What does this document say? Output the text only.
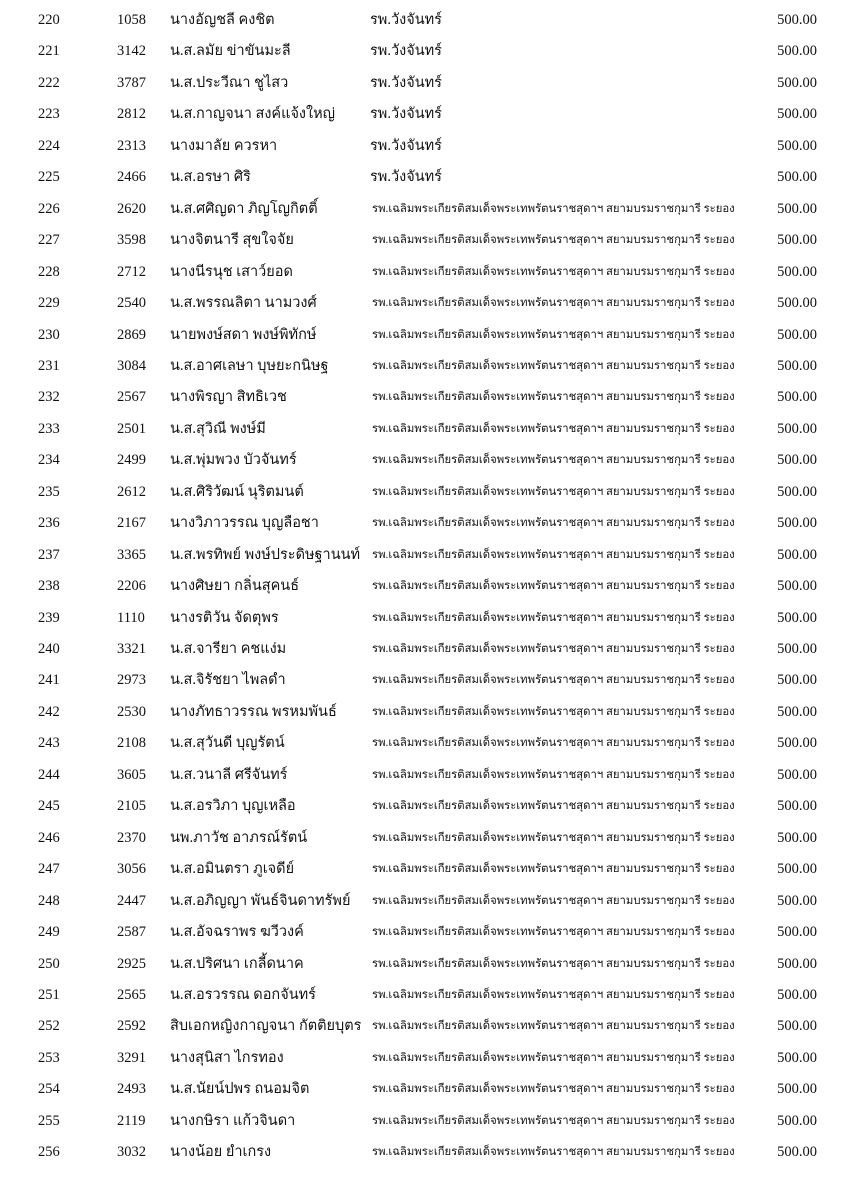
220	1058 นางอัญชลี คงชิต	รพ.วังจันทร์	500.00
221	3142 น.ส.ลมัย ข่าขันมะลี	รพ.วังจันทร์	500.00
222	3787 น.ส.ประวีณา ชูไสว	รพ.วังจันทร์	500.00
223	2812 น.ส.กาญจนา สงค์แจ้งใหญ่ รพ.วังจันทร์	500.00
224	2313 นางมาลัย ควรหา	รพ.วังจันทร์	500.00
225	2466 น.ส.อรษา ศิริ	รพ.วังจันทร์	500.00
226	2620 น.ส.ศศิญดา ภิญโญกิตติ์	รพ.เฉลิมพระเกียรติสมเด็จพระเทพรัตนราชสุดาฯ สยามบรมราชกุมารี ระยอง	500.00
227	3598 นางจิตนารี สุขใจจัย	รพ.เฉลิมพระเกียรติสมเด็จพระเทพรัตนราชสุดาฯ สยามบรมราชกุมารี ระยอง	500.00
228	2712 นางนีรนุช เสาว์ยอด	รพ.เฉลิมพระเกียรติสมเด็จพระเทพรัตนราชสุดาฯ สยามบรมราชกุมารี ระยอง	500.00
229	2540 น.ส.พรรณลิตา นามวงศ์	รพ.เฉลิมพระเกียรติสมเด็จพระเทพรัตนราชสุดาฯ สยามบรมราชกุมารี ระยอง	500.00
230	2869 นายพงษ์สดา พงษ์พิทักษ์	รพ.เฉลิมพระเกียรติสมเด็จพระเทพรัตนราชสุดาฯ สยามบรมราชกุมารี ระยอง	500.00
231	3084 น.ส.อาศเลษา บุษยะกนิษฐ	รพ.เฉลิมพระเกียรติสมเด็จพระเทพรัตนราชสุดาฯ สยามบรมราชกุมารี ระยอง	500.00
232	2567 นางพิรญา สิทธิเวช	รพ.เฉลิมพระเกียรติสมเด็จพระเทพรัตนราชสุดาฯ สยามบรมราชกุมารี ระยอง	500.00
233	2501 น.ส.สุวิณี พงษ์มี	รพ.เฉลิมพระเกียรติสมเด็จพระเทพรัตนราชสุดาฯ สยามบรมราชกุมารี ระยอง	500.00
234	2499 น.ส.พุ่มพวง บัวจันทร์	รพ.เฉลิมพระเกียรติสมเด็จพระเทพรัตนราชสุดาฯ สยามบรมราชกุมารี ระยอง	500.00
235	2612 น.ส.ศิริวัฒน์ นุริตมนต์	รพ.เฉลิมพระเกียรติสมเด็จพระเทพรัตนราชสุดาฯ สยามบรมราชกุมารี ระยอง	500.00
236	2167 นางวิภาวรรณ บุญลือชา	รพ.เฉลิมพระเกียรติสมเด็จพระเทพรัตนราชสุดาฯ สยามบรมราชกุมารี ระยอง	500.00
237	3365 น.ส.พรทิพย์ พงษ์ประดิษฐานนท์ รพ.เฉลิมพระเกียรติสมเด็จพระเทพรัตนราชสุดาฯ สยามบรมราชกุมารี ระยอง	500.00
238	2206 นางศิษยา กลิ่นสุคนธ์	รพ.เฉลิมพระเกียรติสมเด็จพระเทพรัตนราชสุดาฯ สยามบรมราชกุมารี ระยอง	500.00
239	1110 นางรติวัน จัดตุพร	รพ.เฉลิมพระเกียรติสมเด็จพระเทพรัตนราชสุดาฯ สยามบรมราชกุมารี ระยอง	500.00
240	3321 น.ส.จารียา คชแง่ม	รพ.เฉลิมพระเกียรติสมเด็จพระเทพรัตนราชสุดาฯ สยามบรมราชกุมารี ระยอง	500.00
241	2973 น.ส.จิรัชยา ไพลดำ	รพ.เฉลิมพระเกียรติสมเด็จพระเทพรัตนราชสุดาฯ สยามบรมราชกุมารี ระยอง	500.00
242	2530 นางภัทธาวรรณ พรหมพันธ์	รพ.เฉลิมพระเกียรติสมเด็จพระเทพรัตนราชสุดาฯ สยามบรมราชกุมารี ระยอง	500.00
243	2108 น.ส.สุวันดี บุญรัตน์	รพ.เฉลิมพระเกียรติสมเด็จพระเทพรัตนราชสุดาฯ สยามบรมราชกุมารี ระยอง	500.00
244	3605 น.ส.วนาลี ศรีจันทร์	รพ.เฉลิมพระเกียรติสมเด็จพระเทพรัตนราชสุดาฯ สยามบรมราชกุมารี ระยอง	500.00
245	2105 น.ส.อรวิภา บุญเหลือ	รพ.เฉลิมพระเกียรติสมเด็จพระเทพรัตนราชสุดาฯ สยามบรมราชกุมารี ระยอง	500.00
246	2370 นพ.ภาวัช อาภรณ์รัตน์	รพ.เฉลิมพระเกียรติสมเด็จพระเทพรัตนราชสุดาฯ สยามบรมราชกุมารี ระยอง	500.00
247	3056 น.ส.อมินตรา ภูเจดีย์	รพ.เฉลิมพระเกียรติสมเด็จพระเทพรัตนราชสุดาฯ สยามบรมราชกุมารี ระยอง	500.00
248	2447 น.ส.อภิญญา พันธ์จินดาทรัพย์ รพ.เฉลิมพระเกียรติสมเด็จพระเทพรัตนราชสุดาฯ สยามบรมราชกุมารี ระยอง	500.00
249	2587 น.ส.อัจฉราพร ฆวีวงค์	รพ.เฉลิมพระเกียรติสมเด็จพระเทพรัตนราชสุดาฯ สยามบรมราชกุมารี ระยอง	500.00
250	2925 น.ส.ปริศนา เกลี้ดนาค	รพ.เฉลิมพระเกียรติสมเด็จพระเทพรัตนราชสุดาฯ สยามบรมราชกุมารี ระยอง	500.00
251	2565 น.ส.อรวรรณ ดอกจันทร์	รพ.เฉลิมพระเกียรติสมเด็จพระเทพรัตนราชสุดาฯ สยามบรมราชกุมารี ระยอง	500.00
252	2592 สิบเอกหญิงกาญจนา กัตติยบุตร รพ.เฉลิมพระเกียรติสมเด็จพระเทพรัตนราชสุดาฯ สยามบรมราชกุมารี ระยอง	500.00
253	3291 นางสุนิสา ไกรทอง	รพ.เฉลิมพระเกียรติสมเด็จพระเทพรัตนราชสุดาฯ สยามบรมราชกุมารี ระยอง	500.00
254	2493 น.ส.นัยน์ปพร ถนอมจิต	รพ.เฉลิมพระเกียรติสมเด็จพระเทพรัตนราชสุดาฯ สยามบรมราชกุมารี ระยอง	500.00
255	2119 นางกษิรา แก้วจินดา	รพ.เฉลิมพระเกียรติสมเด็จพระเทพรัตนราชสุดาฯ สยามบรมราชกุมารี ระยอง	500.00
256	3032 นางน้อย ยำเกรง	รพ.เฉลิมพระเกียรติสมเด็จพระเทพรัตนราชสุดาฯ สยามบรมราชกุมารี ระยอง	500.00
